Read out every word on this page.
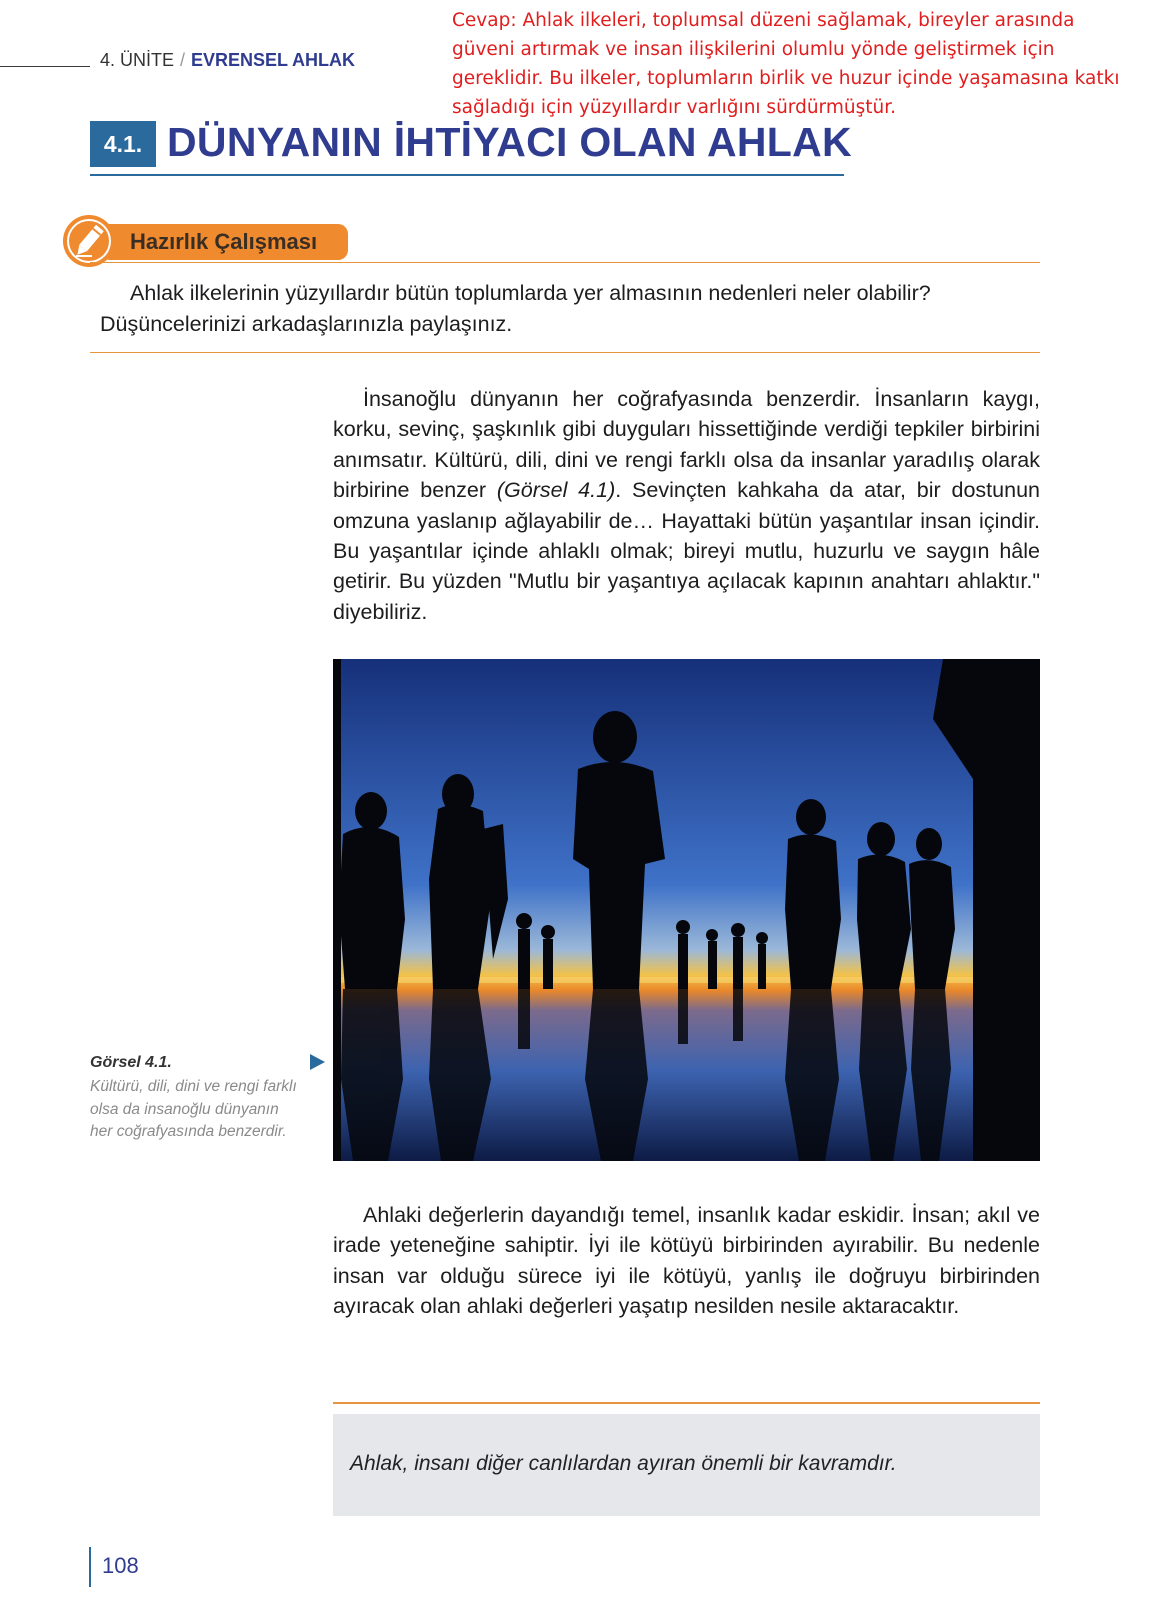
4. ÜNİTE / EVRENSEL AHLAK
Cevap: Ahlak ilkeleri, toplumsal düzeni sağlamak, bireyler arasında güveni artırmak ve insan ilişkilerini olumlu yönde geliştirmek için gereklidir. Bu ilkeler, toplumların birlik ve huzur içinde yaşamasına katkı sağladığı için yüzyıllardır varlığını sürdürmüştür.
4.1. DÜNYANIN İHTİYACI OLAN AHLAK
Hazırlık Çalışması
Ahlak ilkelerinin yüzyıllardır bütün toplumlarda yer almasının nedenleri neler olabilir? Düşüncelerinizi arkadaşlarınızla paylaşınız.
İnsanoğlu dünyanın her coğrafyasında benzerdir. İnsanların kaygı, korku, sevinç, şaşkınlık gibi duyguları hissettiğinde verdiği tepkiler birbirini anımsatır. Kültürü, dili, dini ve rengi farklı olsa da insanlar yaradılış olarak birbirine benzer (Görsel 4.1). Sevinçten kahkaha da atar, bir dostunun omzuna yaslanıp ağlayabilir de… Hayattaki bütün yaşantılar insan içindir. Bu yaşantılar içinde ahlaklı olmak; bireyi mutlu, huzurlu ve saygın hâle getirir. Bu yüzden "Mutlu bir yaşantıya açılacak kapının anahtarı ahlaktır." diyebiliriz.
Görsel 4.1.
Kültürü, dili, dini ve rengi farklı olsa da insanoğlu dünyanın her coğrafyasında benzerdir.
Ahlaki değerlerin dayandığı temel, insanlık kadar eskidir. İnsan; akıl ve irade yeteneğine sahiptir. İyi ile kötüyü birbirinden ayırabilir. Bu nedenle insan var olduğu sürece iyi ile kötüyü, yanlış ile doğruyu birbirinden ayıracak olan ahlaki değerleri yaşatıp nesilden nesile aktaracaktır.
Ahlak, insanı diğer canlılardan ayıran önemli bir kavramdır.
108
